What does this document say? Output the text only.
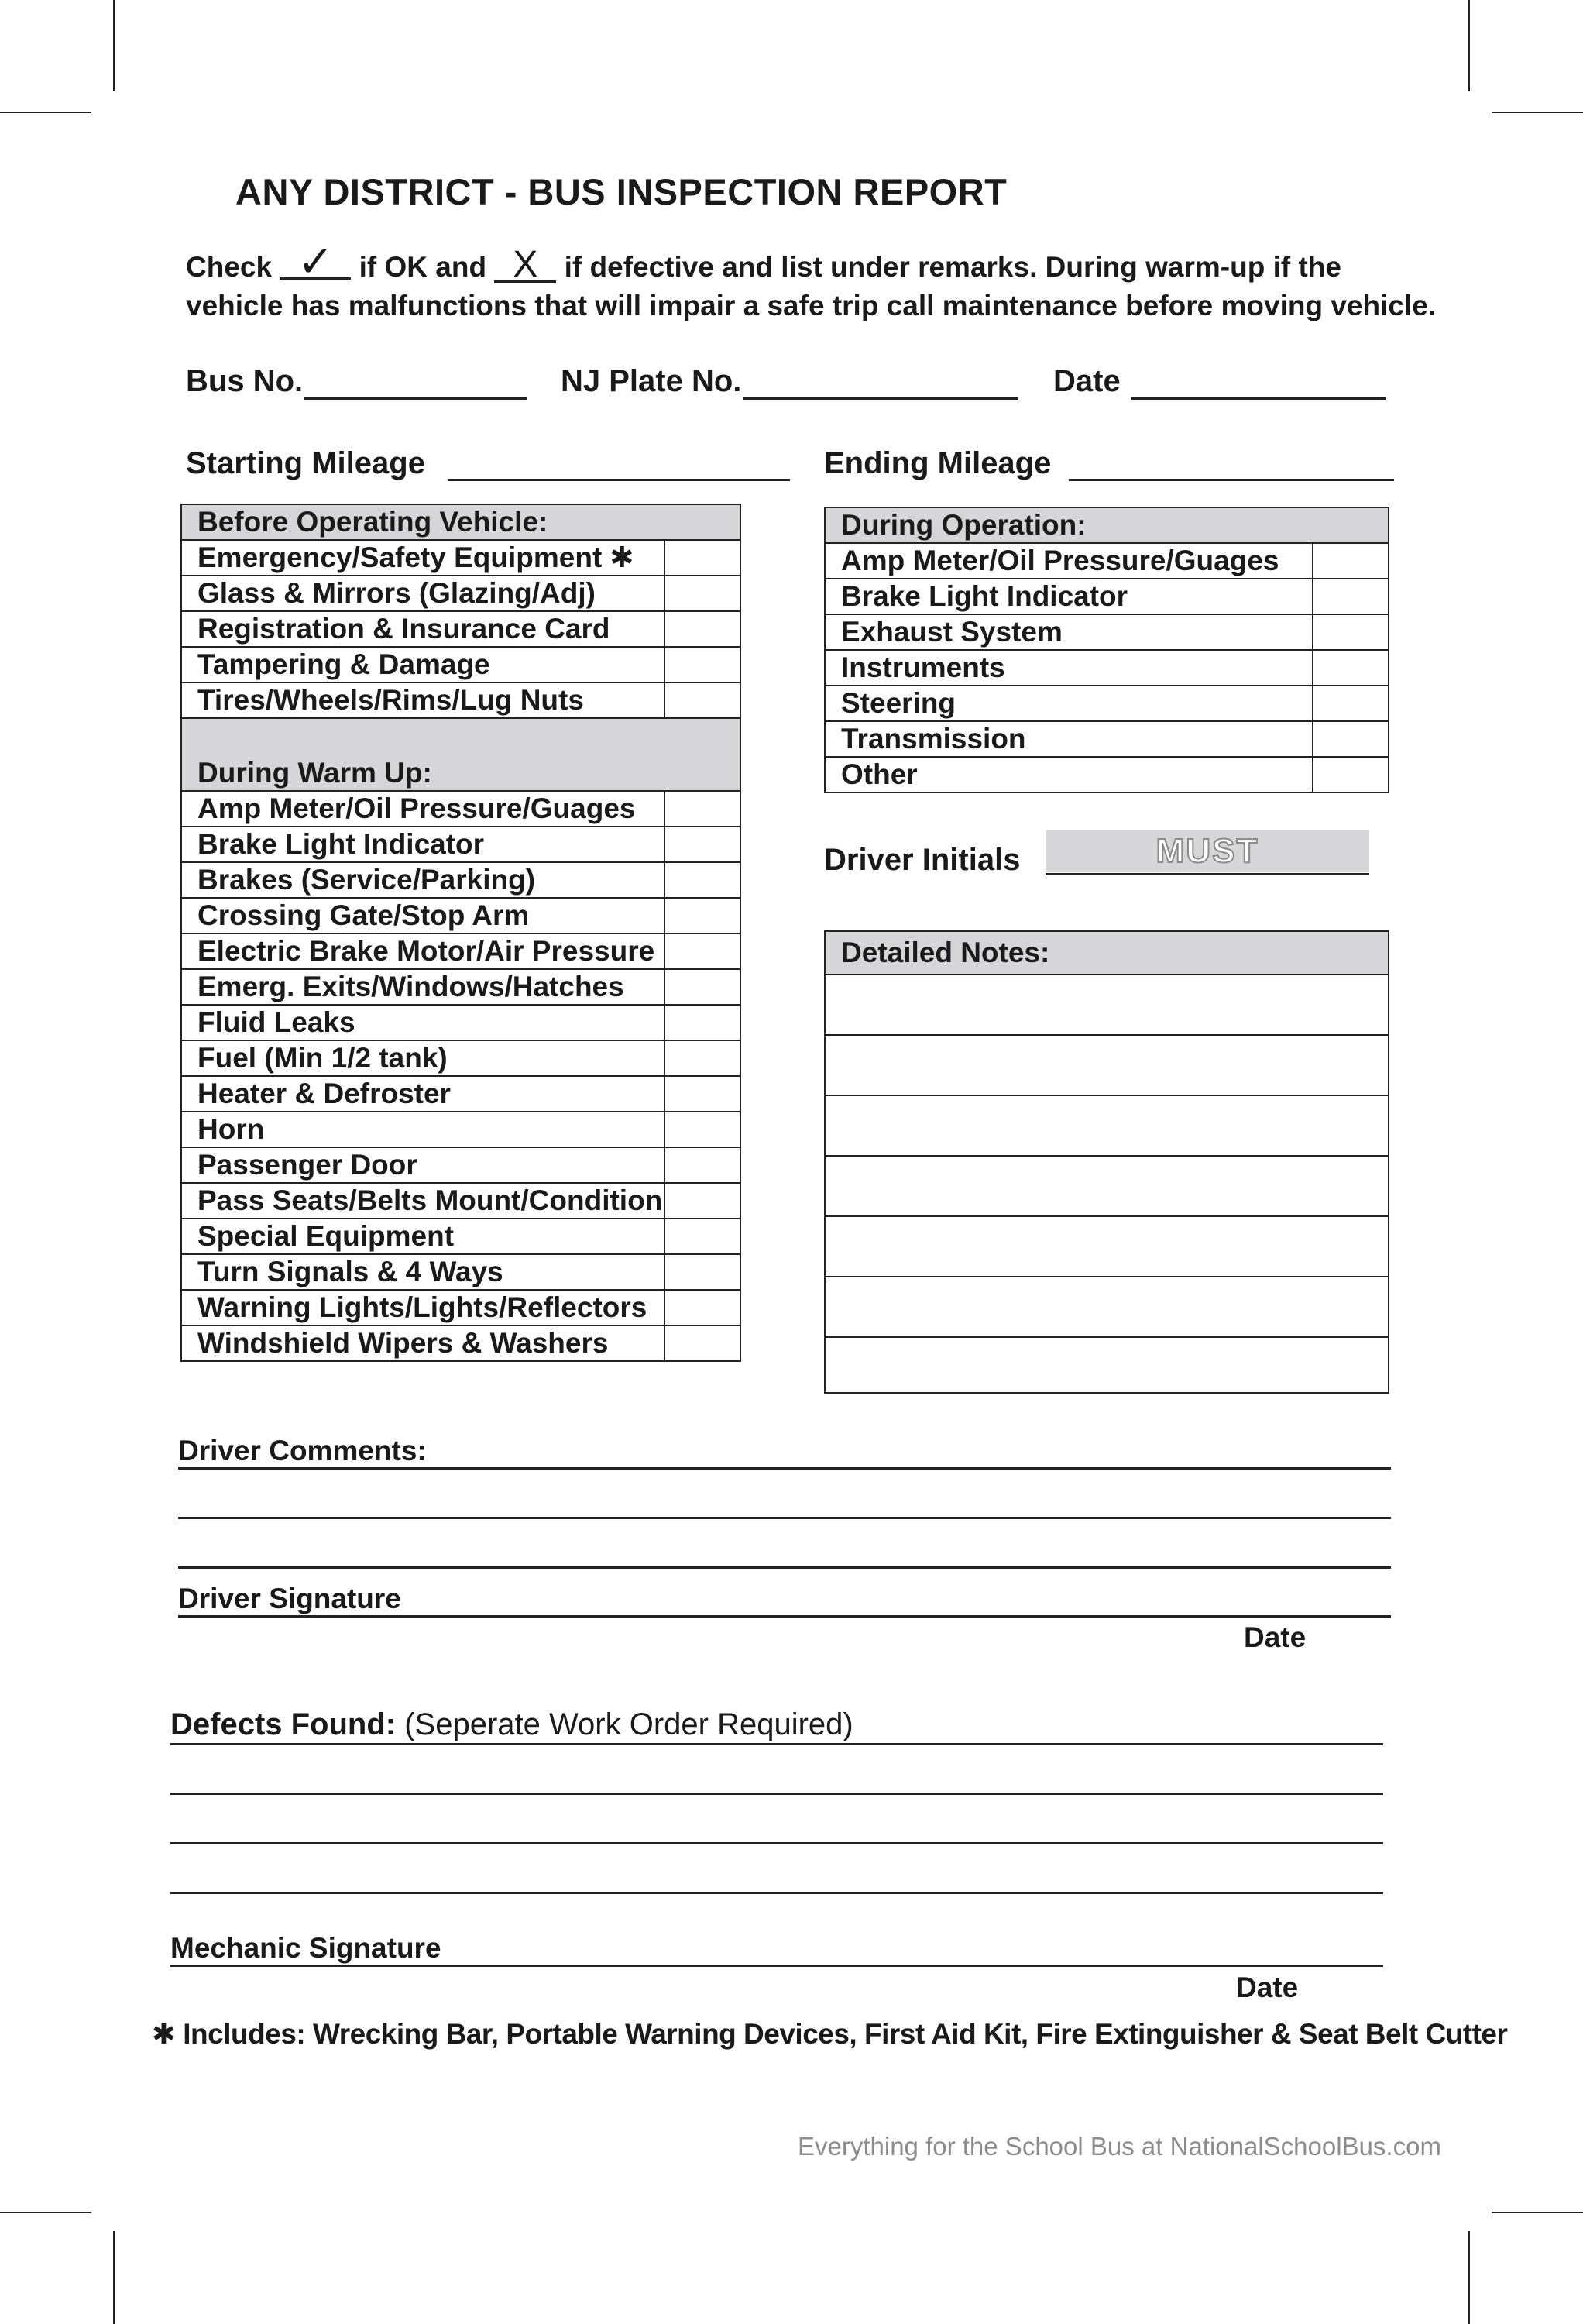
ANY DISTRICT - BUS INSPECTION REPORT
Check ✓ if OK and X if defective and list under remarks. During warm-up if the
vehicle has malfunctions that will impair a safe trip call maintenance before moving vehicle.
Bus No.	NJ Plate No.	Date
Starting Mileage	Ending Mileage
Before Operating Vehicle:	
Emergency/Safety Equipment ✱	
Glass & Mirrors (Glazing/Adj)	
Registration & Insurance Card	
Tampering & Damage	
Tires/Wheels/Rims/Lug Nuts	
During Warm Up:	
Amp Meter/Oil Pressure/Guages	
Brake Light Indicator	
Brakes (Service/Parking)	
Crossing Gate/Stop Arm	
Electric Brake Motor/Air Pressure	
Emerg. Exits/Windows/Hatches	
Fluid Leaks	
Fuel (Min 1/2 tank)	
Heater & Defroster	
Horn	
Passenger Door	
Pass Seats/Belts Mount/Condition	
Special Equipment	
Turn Signals & 4 Ways	
Warning Lights/Lights/Reflectors	
Windshield Wipers & Washers	
During Operation:	
Amp Meter/Oil Pressure/Guages	
Brake Light Indicator	
Exhaust System	
Instruments	
Steering	
Transmission	
Other	
Driver Initials	MUST
Detailed Notes:

Driver Comments:
Driver Signature
Date
Defects Found: (Seperate Work Order Required)
Mechanic Signature
Date
✱ Includes: Wrecking Bar, Portable Warning Devices, First Aid Kit, Fire Extinguisher & Seat Belt Cutter
Everything for the School Bus at NationalSchoolBus.com
